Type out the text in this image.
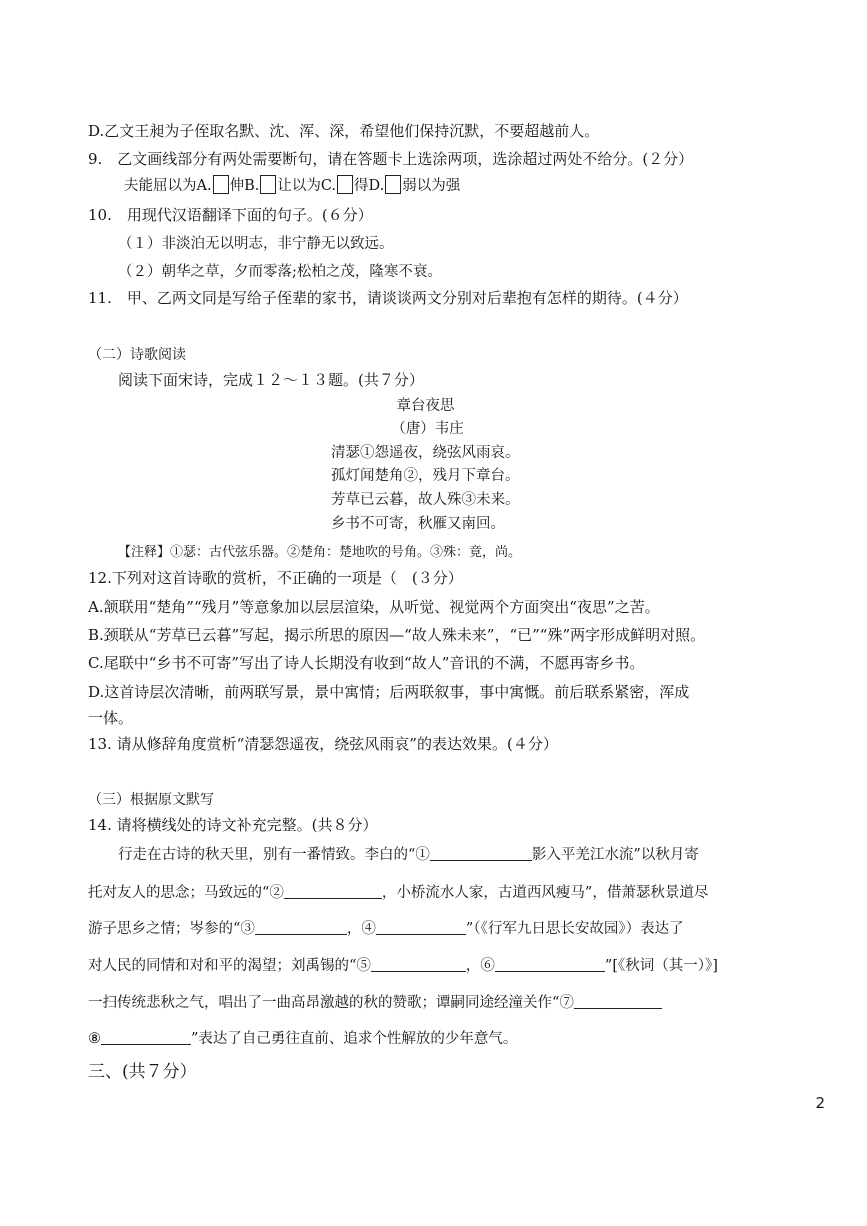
D.乙文王昶为子侄取名默、沈、浑、深，希望他们保持沉默，不要超越前人。
9.　乙文画线部分有两处需要断句，请在答题卡上选涂两项，选涂超过两处不给分。(２分）
夫能屈以为A. 伸B. 让以为C. 得D. 弱以为强
10.　用现代汉语翻译下面的句子。(６分）
（１）非淡泊无以明志，非宁静无以致远。
（２）朝华之草，夕而零落;松柏之茂，隆寒不衰。
11.　甲、乙两文同是写给子侄辈的家书，请谈谈两文分别对后辈抱有怎样的期待。(４分）
（二）诗歌阅读
阅读下面宋诗，完成１２～１３题。(共７分）
章台夜思
（唐）韦庄
清瑟①怨遥夜，绕弦风雨哀。
孤灯闻楚角②，残月下章台。
芳草已云暮，故人殊③未来。
乡书不可寄，秋雁又南回。
【注释】①瑟：古代弦乐器。②楚角：楚地吹的号角。③殊：竟，尚。
12.下列对这首诗歌的赏析，不正确的一项是（　(３分）
A.颔联用“楚角”“残月”等意象加以层层渲染，从听觉、视觉两个方面突出“夜思”之苦。
B.颈联从“芳草已云暮”写起，揭示所思的原因—“故人殊未来”，“已”“殊”两字形成鲜明对照。
C.尾联中“乡书不可寄”写出了诗人长期没有收到“故人”音讯的不满，不愿再寄乡书。
D.这首诗层次清晰，前两联写景，景中寓情；后两联叙事，事中寓慨。前后联系紧密，浑成
一体。
13. 请从修辞角度赏析“清瑟怨遥夜，绕弦风雨哀”的表达效果。(４分）
（三）根据原文默写
14. 请将横线处的诗文补充完整。(共８分）
行走在古诗的秋天里，别有一番情致。李白的“①	影入平羌江水流”以秋月寄
托对友人的思念；马致远的“②	，小桥流水人家，古道西风瘦马”，借萧瑟秋景道尽
游子思乡之情；岑参的“③	，④	”（《行军九日思长安故园》）表达了
对人民的同情和对和平的渴望；刘禹锡的“⑤	，⑥	”[《秋词（其一）》]
一扫传统悲秋之气，唱出了一曲高昂激越的秋的赞歌；谭嗣同途经潼关作“⑦
⑧	”表达了自己勇往直前、追求个性解放的少年意气。
三、(共７分）
2
